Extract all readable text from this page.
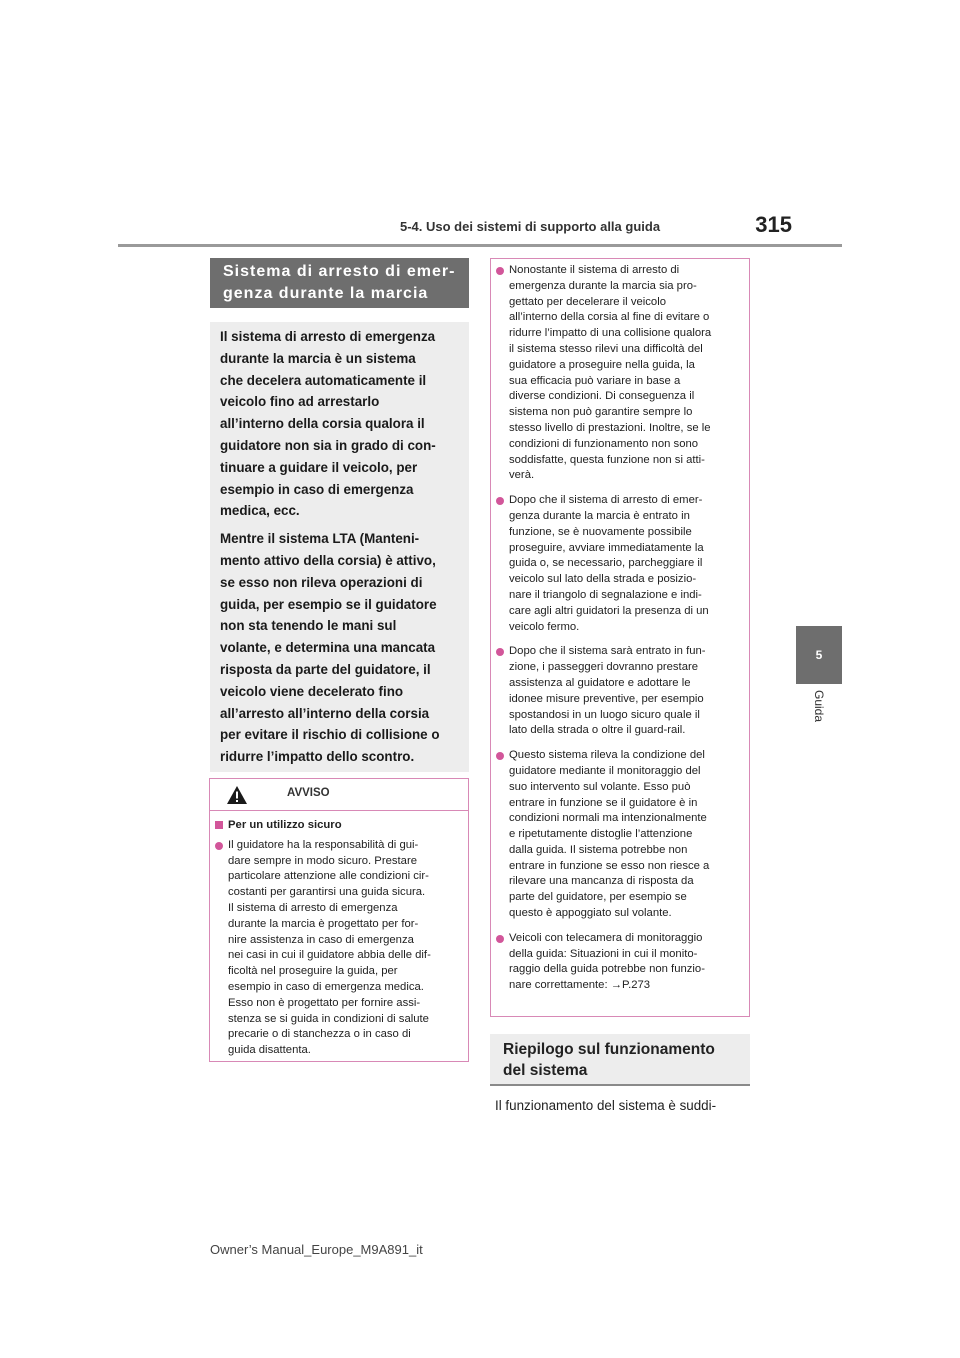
5-4. Uso dei sistemi di supporto alla guida	315
5
Guida
Sistema di arresto di emer-
genza durante la marcia

Il sistema di arresto di emergenza
durante la marcia è un sistema
che decelera automaticamente il
veicolo fino ad arrestarlo
all’interno della corsia qualora il
guidatore non sia in grado di con-
tinuare a guidare il veicolo, per
esempio in caso di emergenza
medica, ecc.

Mentre il sistema LTA (Manteni-
mento attivo della corsia) è attivo,
se esso non rileva operazioni di
guida, per esempio se il guidatore
non sta tenendo le mani sul
volante, e determina una mancata
risposta da parte del guidatore, il
veicolo viene decelerato fino
all’arresto all’interno della corsia
per evitare il rischio di collisione o
ridurre l’impatto dello scontro.

AVVISO
Per un utilizzo sicuro
Il guidatore ha la responsabilità di gui-
dare sempre in modo sicuro. Prestare
particolare attenzione alle condizioni cir-
costanti per garantirsi una guida sicura.
Il sistema di arresto di emergenza
durante la marcia è progettato per for-
nire assistenza in caso di emergenza
nei casi in cui il guidatore abbia delle dif-
ficoltà nel proseguire la guida, per
esempio in caso di emergenza medica.
Esso non è progettato per fornire assi-
stenza se si guida in condizioni di salute
precarie o di stanchezza o in caso di
guida disattenta.
Nonostante il sistema di arresto di
emergenza durante la marcia sia pro-
gettato per decelerare il veicolo
all’interno della corsia al fine di evitare o
ridurre l’impatto di una collisione qualora
il sistema stesso rilevi una difficoltà del
guidatore a proseguire nella guida, la
sua efficacia può variare in base a
diverse condizioni. Di conseguenza il
sistema non può garantire sempre lo
stesso livello di prestazioni. Inoltre, se le
condizioni di funzionamento non sono
soddisfatte, questa funzione non si atti-
verà.
Dopo che il sistema di arresto di emer-
genza durante la marcia è entrato in
funzione, se è nuovamente possibile
proseguire, avviare immediatamente la
guida o, se necessario, parcheggiare il
veicolo sul lato della strada e posizio-
nare il triangolo di segnalazione e indi-
care agli altri guidatori la presenza di un
veicolo fermo.
Dopo che il sistema sarà entrato in fun-
zione, i passeggeri dovranno prestare
assistenza al guidatore e adottare le
idonee misure preventive, per esempio
spostandosi in un luogo sicuro quale il
lato della strada o oltre il guard-rail.
Questo sistema rileva la condizione del
guidatore mediante il monitoraggio del
suo intervento sul volante. Esso può
entrare in funzione se il guidatore è in
condizioni normali ma intenzionalmente
e ripetutamente distoglie l’attenzione
dalla guida. Il sistema potrebbe non
entrare in funzione se esso non riesce a
rilevare una mancanza di risposta da
parte del guidatore, per esempio se
questo è appoggiato sul volante.
Veicoli con telecamera di monitoraggio
della guida: Situazioni in cui il monito-
raggio della guida potrebbe non funzio-
nare correttamente: →P.273
Riepilogo sul funzionamento
del sistema
Il funzionamento del sistema è suddi-
Owner’s Manual_Europe_M9A891_it
